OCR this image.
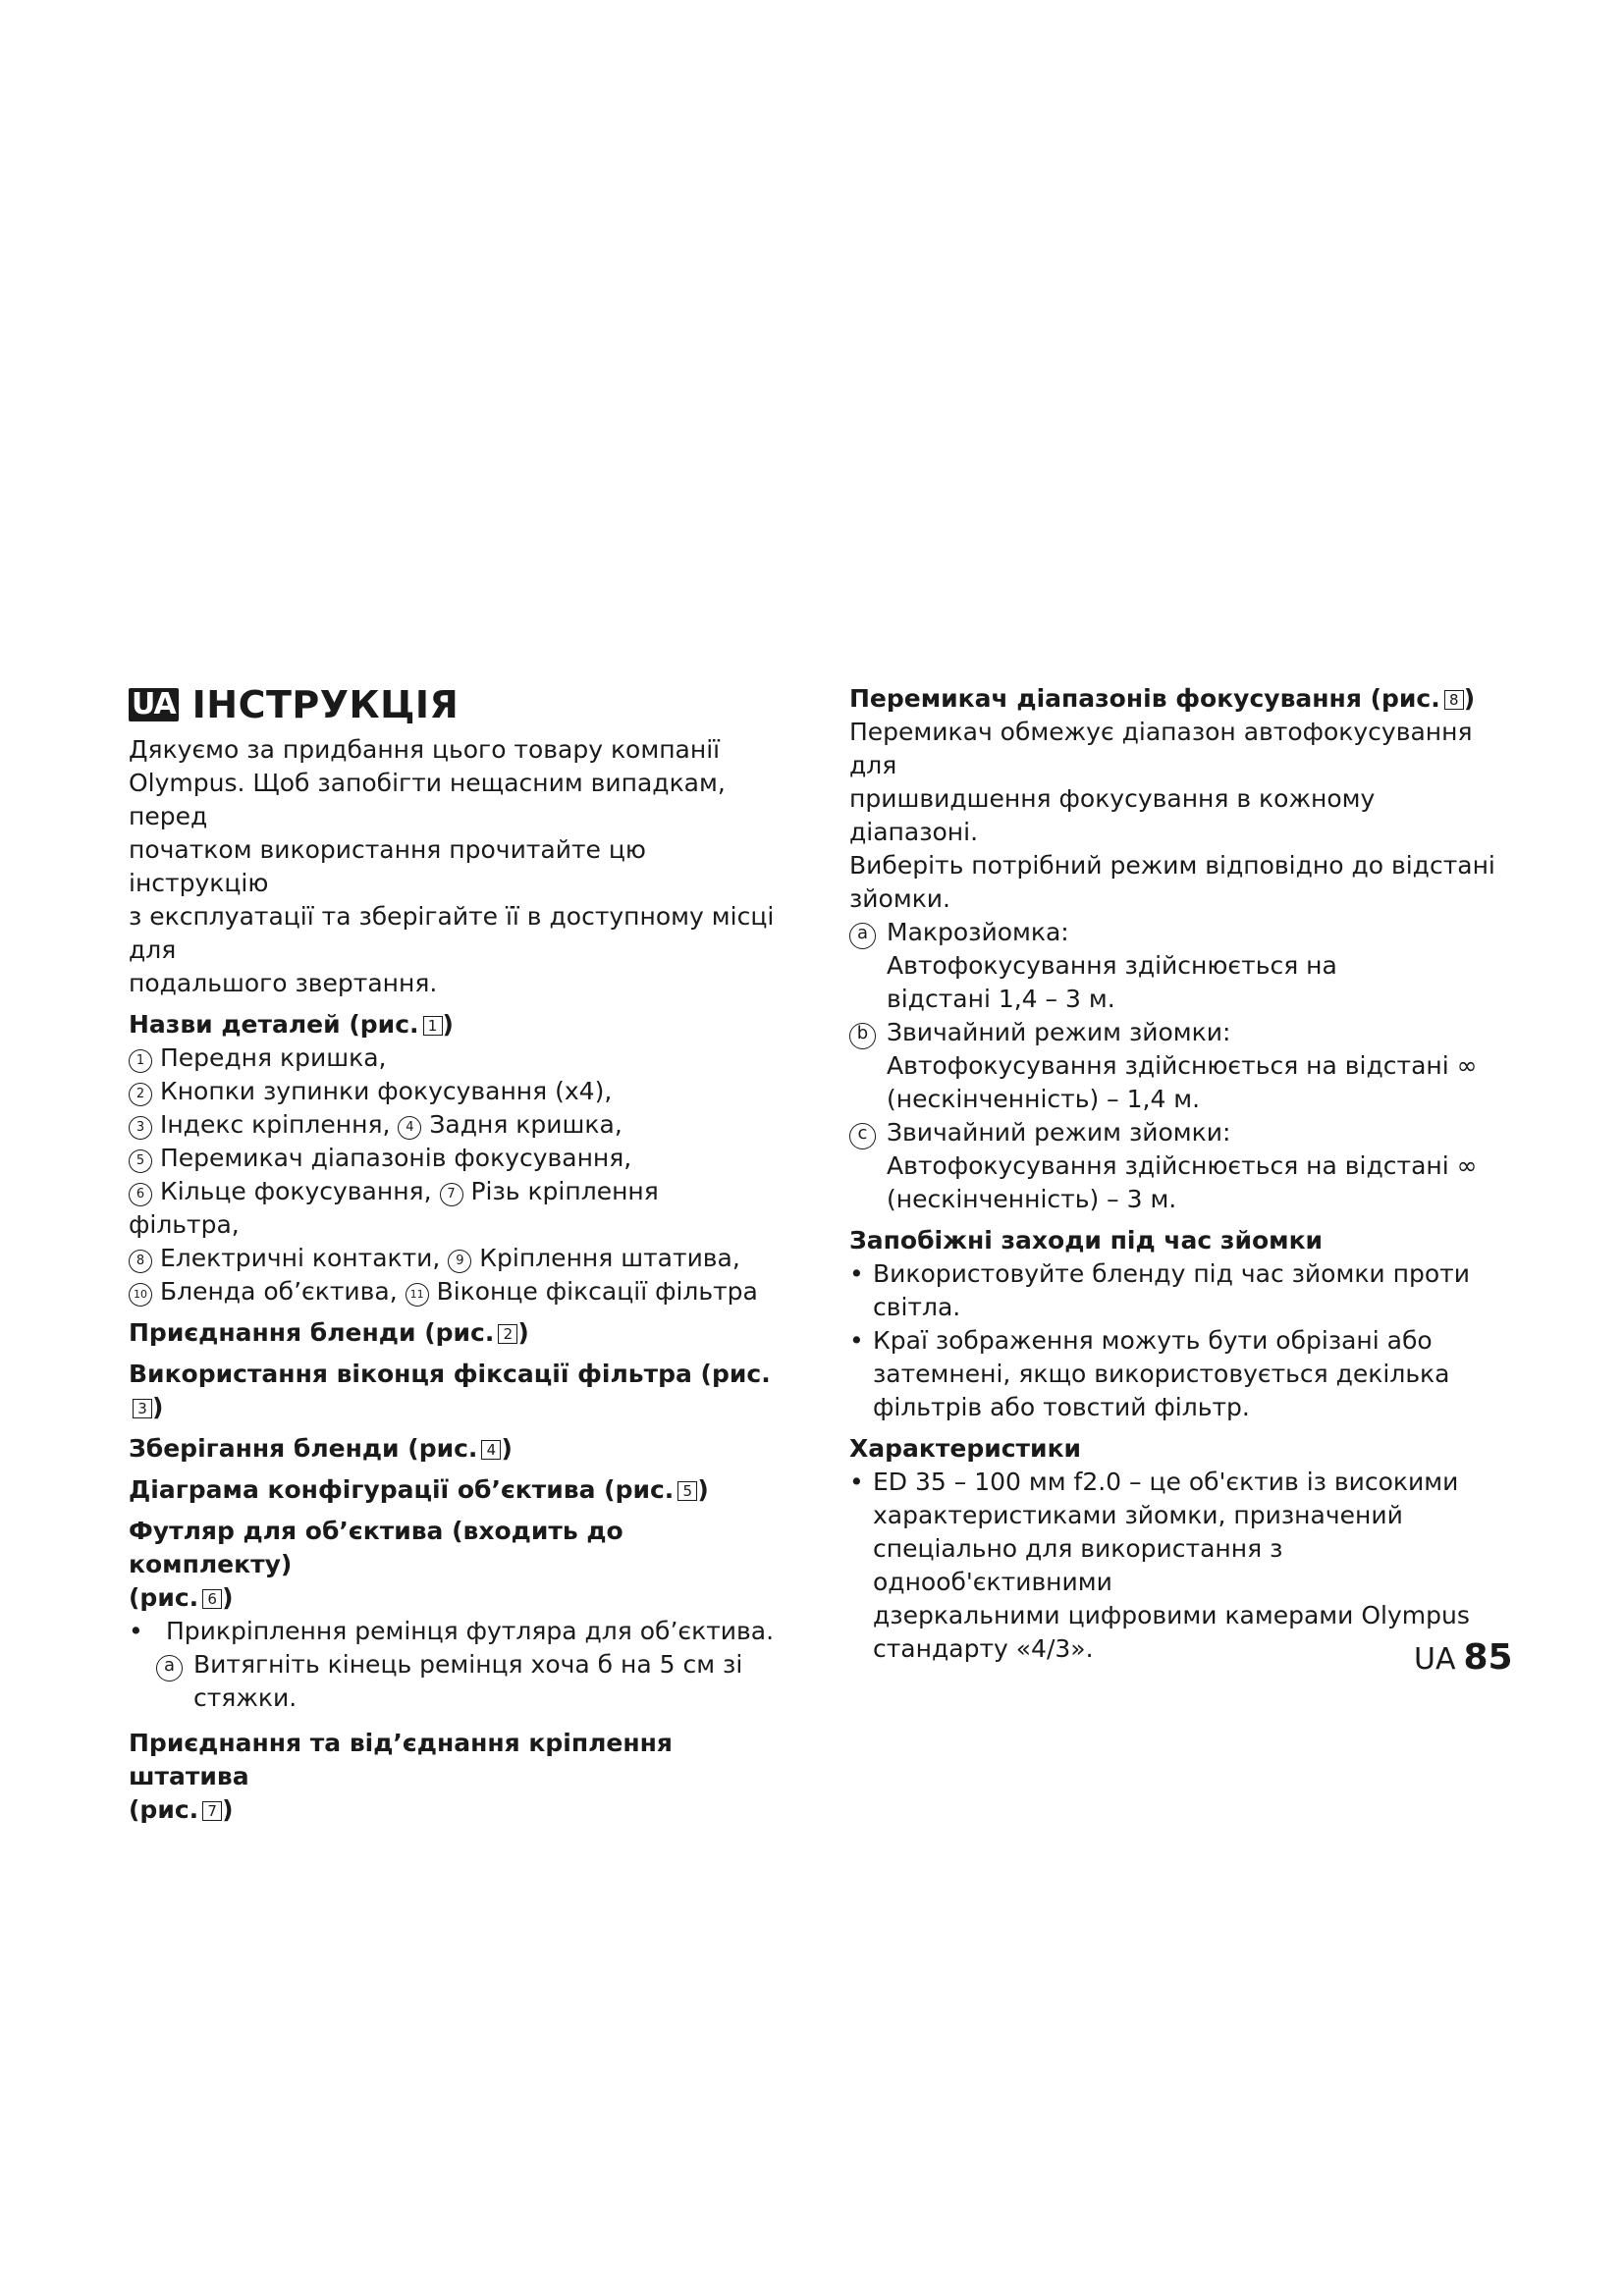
UA ІНСТРУКЦІЯ

Дякуємо за придбання цього товару компанії

Olympus. Щоб запобігти нещасним випадкам, перед

початком використання прочитайте цю інструкцію

з експлуатації та зберігайте її в доступному місці для

подальшого звертання.

Назви деталей (рис. 1 )

1 Передня кришка,

2 Кнопки зупинки фокусування (x4),

3 Індекс кріплення, 4 Задня кришка,

5 Перемикач діапазонів фокусування,

6 Кільце фокусування, 7 Різь кріплення фільтра,

8 Електричні контакти, 9 Кріплення штатива,

10 Бленда об’єктива, 11 Віконце фіксації фільтра

Приєднання бленди (рис. 2 )

Використання віконця фіксації фільтра (рис.3 )

Зберігання бленди (рис. 4 )

Діаграма конфігурації об’єктива (рис. 5 )

Футляр для об’єктива (входить до комплекту)

(рис. 6 )

• Прикріплення ремінця футляра для об’єктива.
a Витягніть кінець ремінця хоча б на 5 см зі

стяжки.

Приєднання та від’єднання кріплення штатива

(рис. 7 )

Перемикач діапазонів фокусування (рис. 8 )

Перемикач обмежує діапазон автофокусування для

пришвидшення фокусування в кожному діапазоні.

Виберіть потрібний режим відповідно до відстані

зйомки.

a Макрозйомка:

Автофокусування здійснюється на

відстані 1,4 – 3 м.

b Звичайний режим зйомки:

Автофокусування здійснюється на відстані ∞

(нескінченність) – 1,4 м.

c Звичайний режим зйомки:

Автофокусування здійснюється на відстані ∞

(нескінченність) – 3 м.

Запобіжні заходи під час зйомки

• Використовуйте бленду під час зйомки проти

світла.

• Краї зображення можуть бути обрізані або

затемнені, якщо використовується декілька

фільтрів або товстий фільтр.

Характеристики

• ED 35 – 100 мм f2.0 – це об'єктив із високими

характеристиками зйомки, призначений

спеціально для використання з однооб'єктивними

дзеркальними цифровими камерами Olympus

стандарту «4/3».	UA 85
